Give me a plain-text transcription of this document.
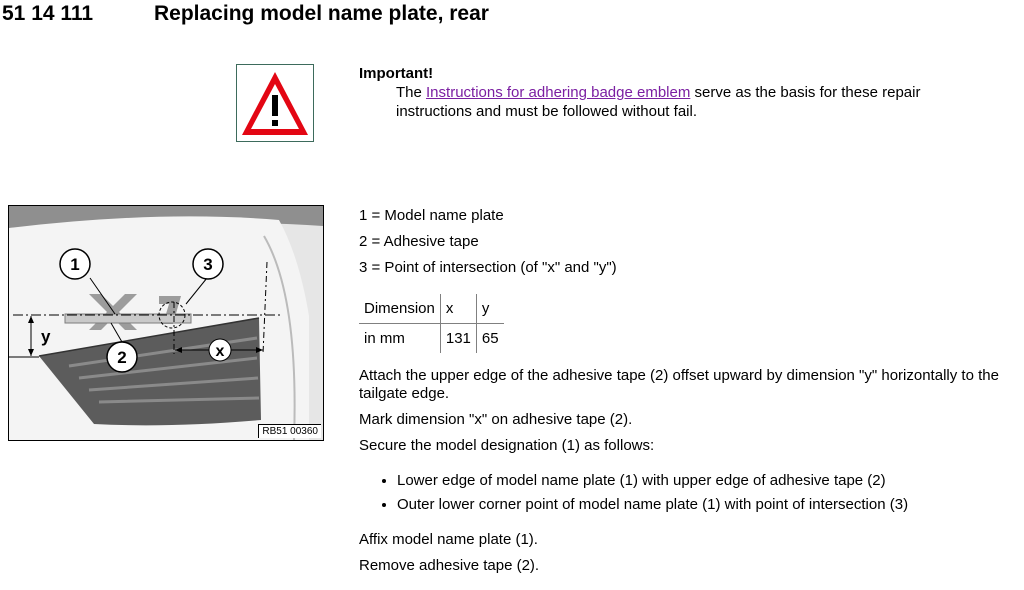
51 14 111	Replacing model name plate, rear
Important!
The Instructions for adhering badge emblem serve as the basis for these repair instructions and must be followed without fail.
1
2
3
x
y
RB51 00360
1 = Model name plate
2 = Adhesive tape
3 = Point of intersection (of "x" and "y")
Dimension	x	y
in mm	131	65

Attach the upper edge of the adhesive tape (2) offset upward by dimension "y" horizontally to the tailgate edge.

Mark dimension "x" on adhesive tape (2).

Secure the model designation (1) as follows:

• Lower edge of model name plate (1) with upper edge of adhesive tape (2)
• Outer lower corner point of model name plate (1) with point of intersection (3)

Affix model name plate (1).

Remove adhesive tape (2).
